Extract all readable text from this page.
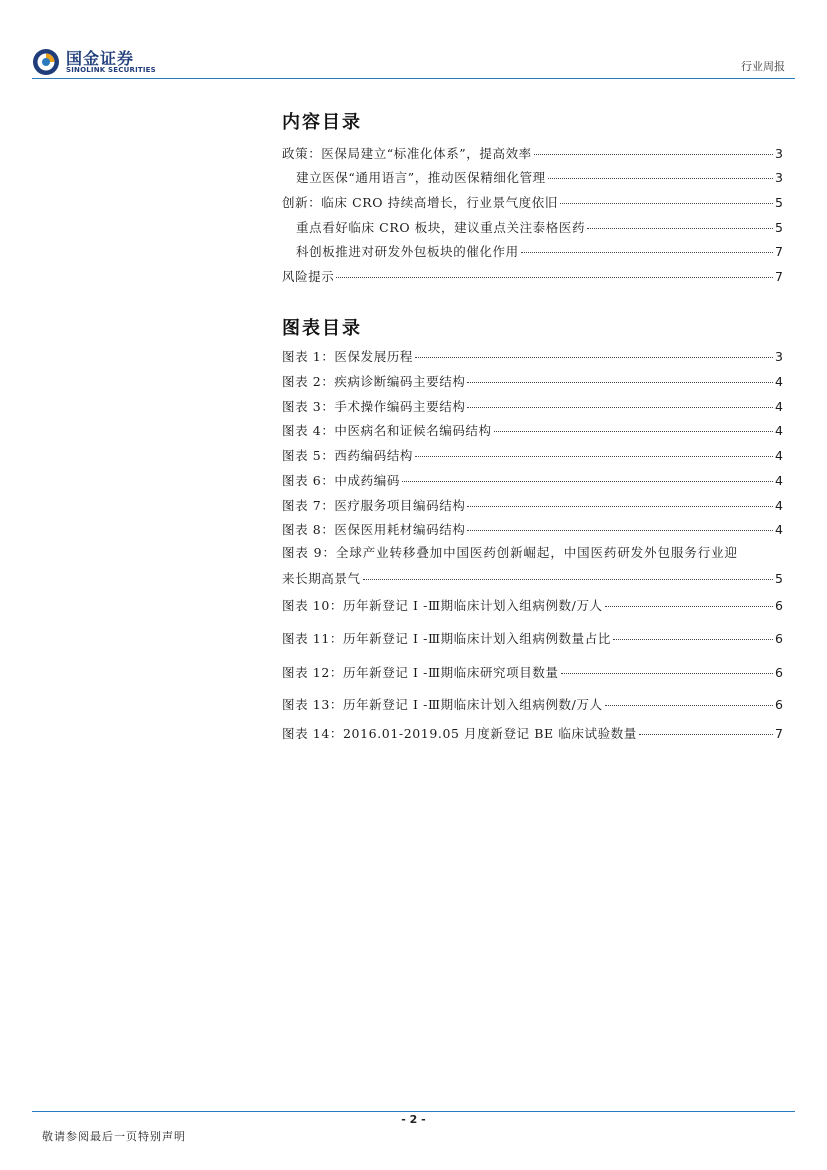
国金证券
SINOLINK SECURITIES	行业周报
内容目录
政策：医保局建立“标准化体系”，提高效率	3
建立医保“通用语言”，推动医保精细化管理	3
创新：临床 CRO 持续高增长，行业景气度依旧	5
重点看好临床 CRO 板块，建议重点关注泰格医药	5
科创板推进对研发外包板块的催化作用	7
风险提示	7
图表目录
图表 1：医保发展历程	3
图表 2：疾病诊断编码主要结构	4
图表 3：手术操作编码主要结构	4
图表 4：中医病名和证候名编码结构	4
图表 5：西药编码结构	4
图表 6：中成药编码	4
图表 7：医疗服务项目编码结构	4
图表 8：医保医用耗材编码结构	4
图表 9：全球产业转移叠加中国医药创新崛起，中国医药研发外包服务行业迎
来长期高景气	5
图表 10：历年新登记 I -Ⅲ期临床计划入组病例数/万人	6
图表 11：历年新登记 I -Ⅲ期临床计划入组病例数量占比	6
图表 12：历年新登记 I -Ⅲ期临床研究项目数量	6
图表 13：历年新登记 I -Ⅲ期临床计划入组病例数/万人	6
图表 14：2016.01-2019.05 月度新登记 BE 临床试验数量	7
- 2 -
敬请参阅最后一页特别声明
